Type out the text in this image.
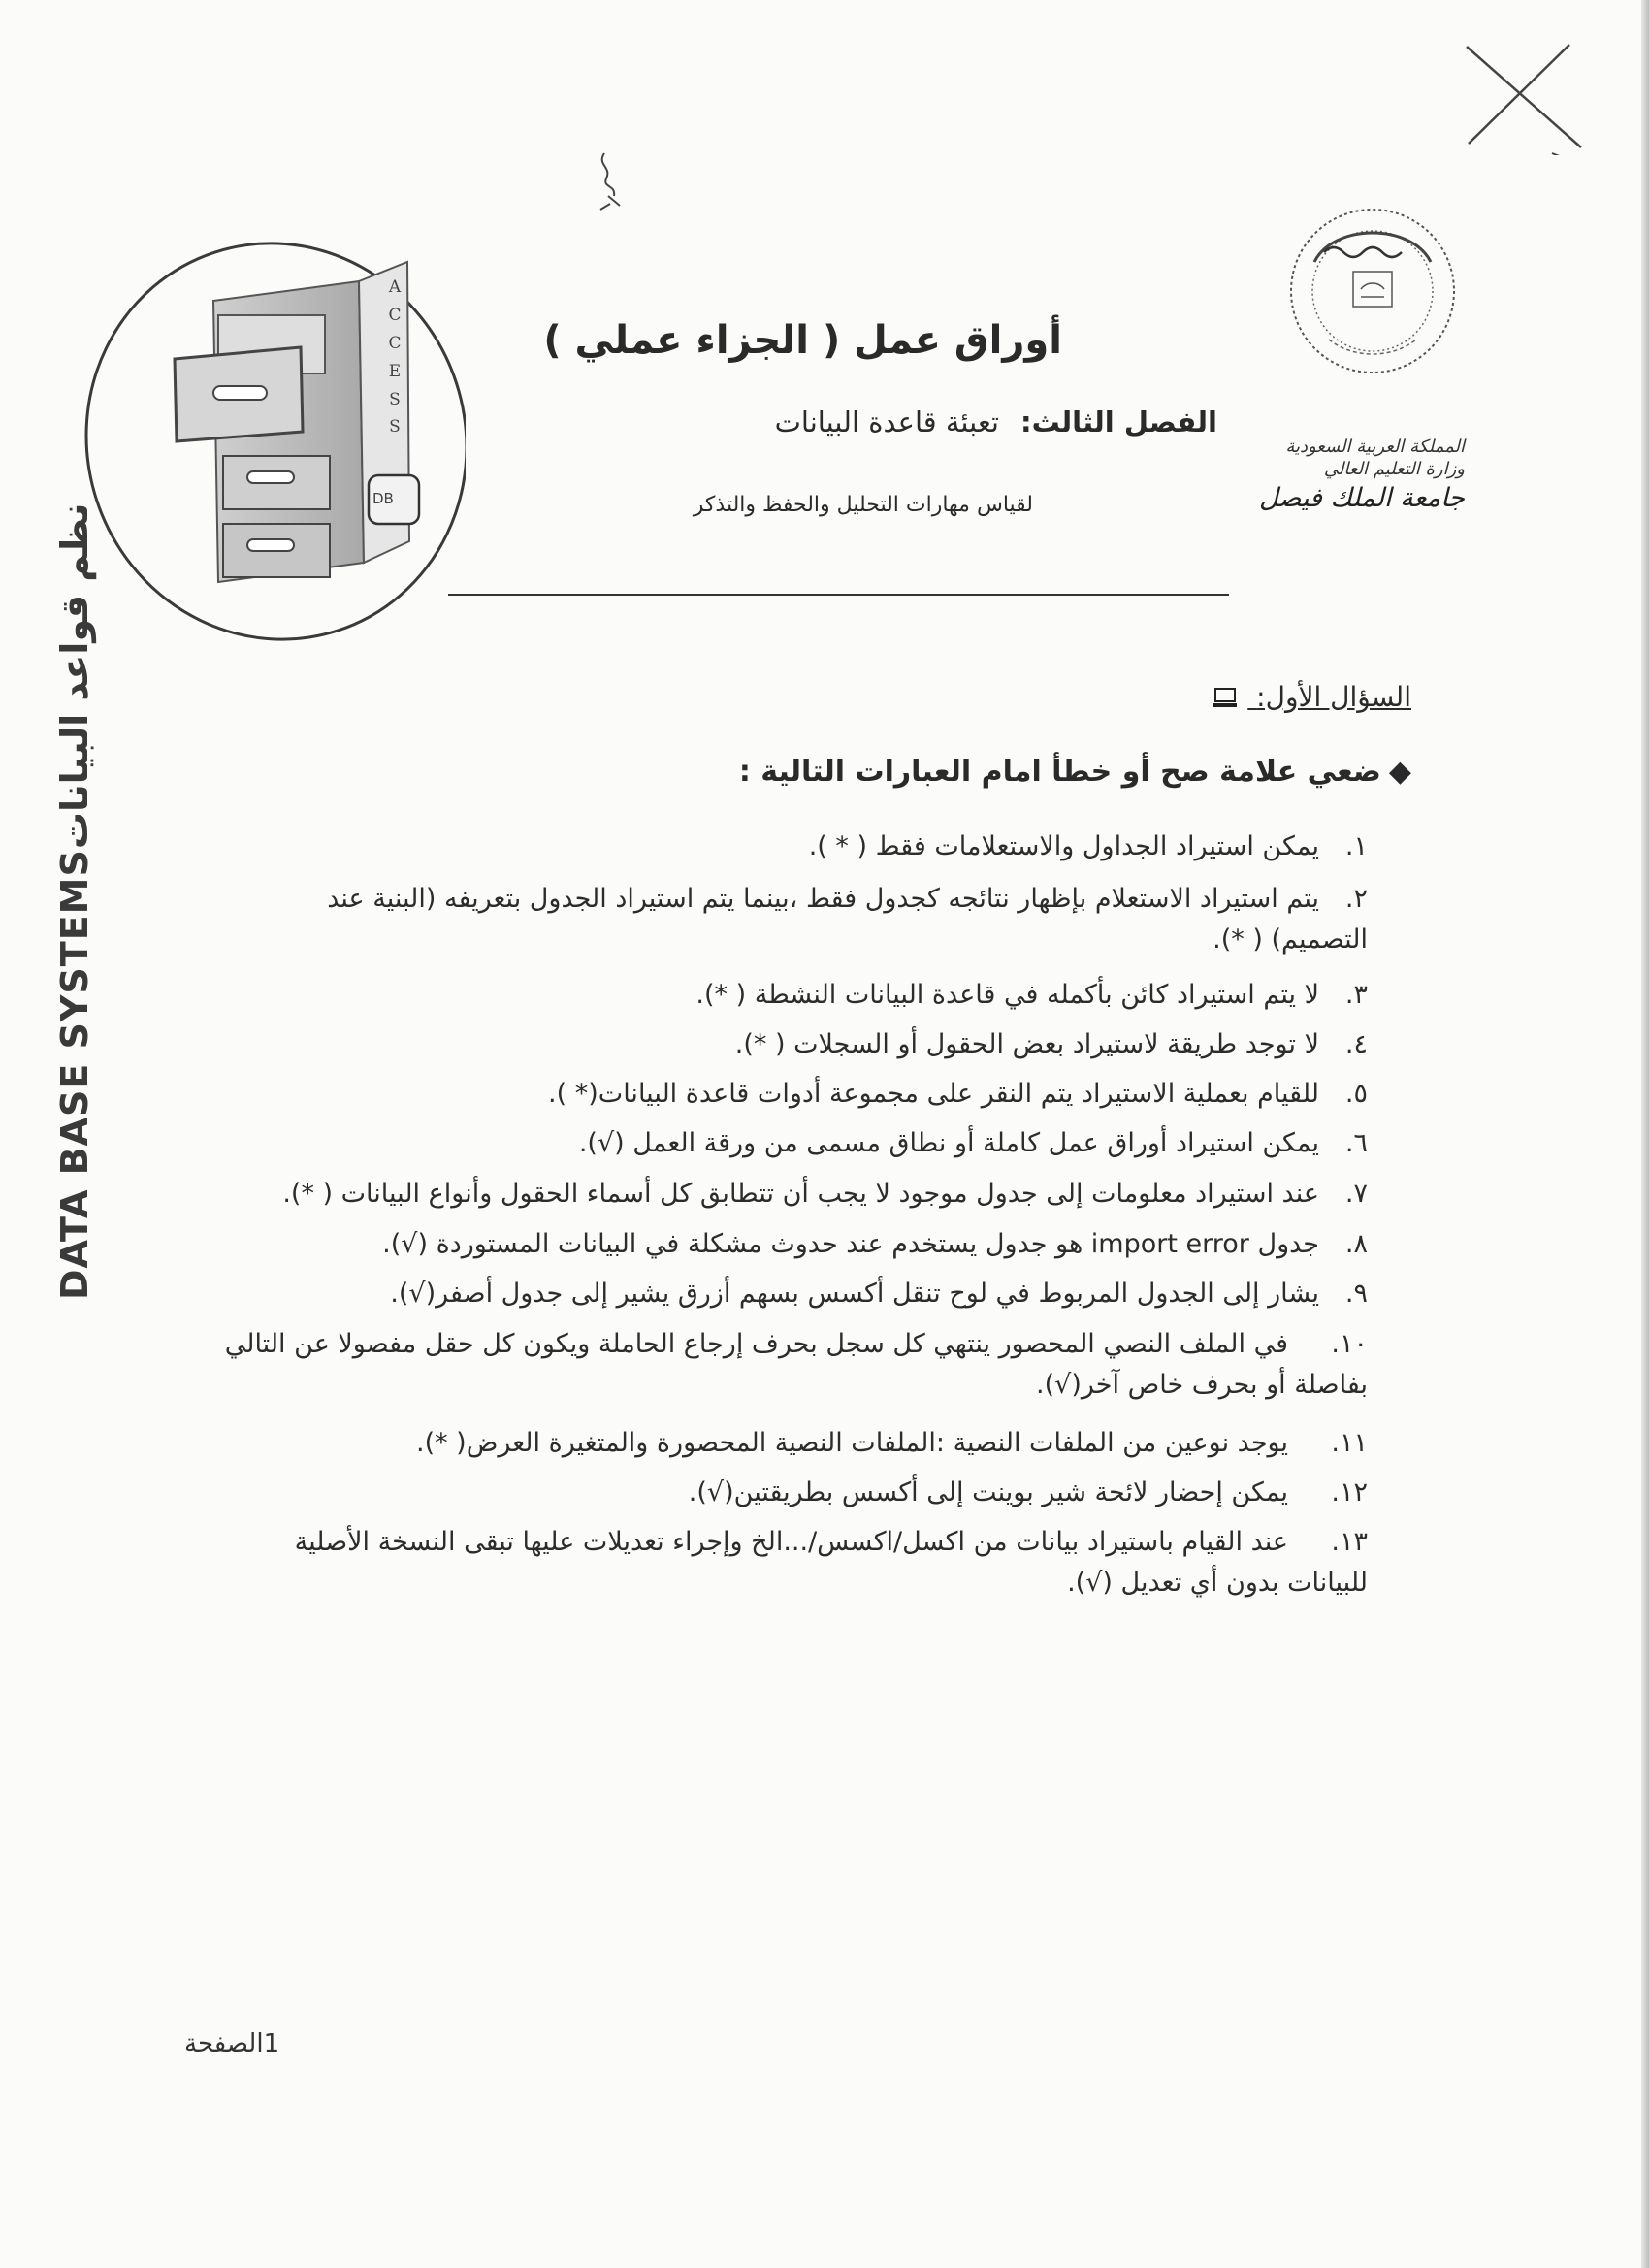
المملكة العربية السعودية
وزارة التعليم العالي
جامعة الملك فيصل
A
C
C
E
S
S
DB
DATA BASE SYSTEMSنظم قواعد البيانات
أوراق عمل ( الجزاء عملي )
الفصل الثالث:تعبئة قاعدة البيانات
لقياس مهارات التحليل والحفظ والتذكر
السؤال الأول:
◆ضعي علامة صح أو خطأ امام العبارات التالية :
١.يمكن استيراد الجداول والاستعلامات فقط ( * ).
٢.يتم استيراد الاستعلام بإظهار نتائجه كجدول فقط ،بينما يتم استيراد الجدول بتعريفه (البنية عند التصميم) ( *).
٣.لا يتم استيراد كائن بأكمله في قاعدة البيانات النشطة ( *).
٤.لا توجد طريقة لاستيراد بعض الحقول أو السجلات ( *).
٥.للقيام بعملية الاستيراد يتم النقر على مجموعة أدوات قاعدة البيانات(* ).
٦.يمكن استيراد أوراق عمل كاملة أو نطاق مسمى من ورقة العمل (√).
٧.عند استيراد معلومات إلى جدول موجود لا يجب أن تتطابق كل أسماء الحقول وأنواع البيانات ( *).
٨.جدول import error هو جدول يستخدم عند حدوث مشكلة في البيانات المستوردة (√).
٩.يشار إلى الجدول المربوط في لوح تنقل أكسس بسهم أزرق يشير إلى جدول أصفر(√).
١٠.في الملف النصي المحصور ينتهي كل سجل بحرف إرجاع الحاملة ويكون كل حقل مفصولا عن التالي بفاصلة أو بحرف خاص آخر(√).
١١.يوجد نوعين من الملفات النصية :الملفات النصية المحصورة والمتغيرة العرض( *).
١٢.يمكن إحضار لائحة شير بوينت إلى أكسس بطريقتين(√).
١٣.عند القيام باستيراد بيانات من اكسل/اكسس/...الخ وإجراء تعديلات عليها تبقى النسخة الأصلية للبيانات بدون أي تعديل (√).
1الصفحة
